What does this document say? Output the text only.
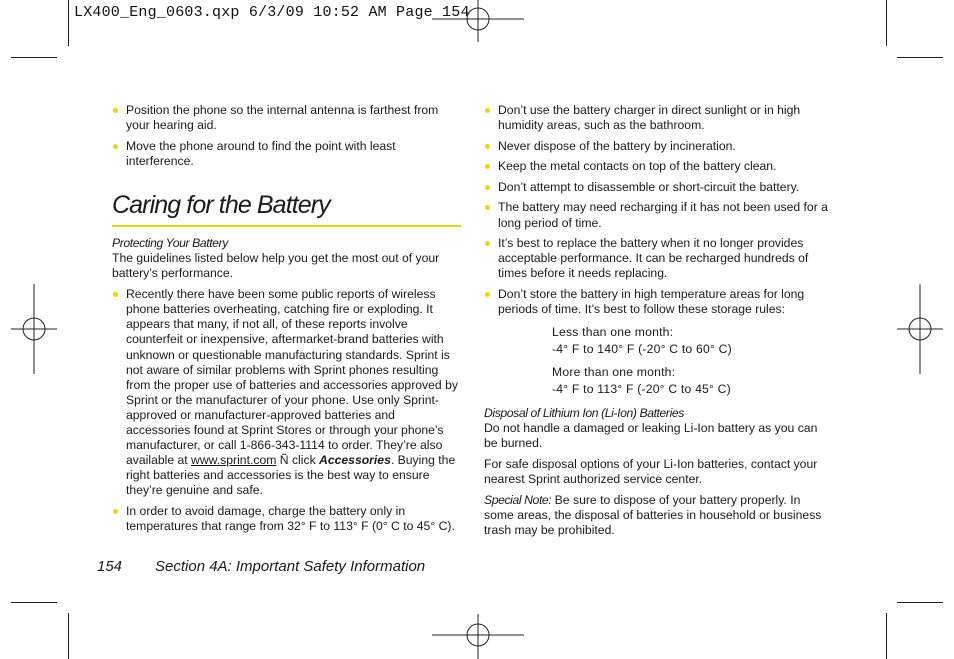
LX400_Eng_0603.qxp 6/3/09 10:52 AM Page 154
Position the phone so the internal antenna is farthest from your hearing aid.
Move the phone around to find the point with least interference.
Caring for the Battery
Protecting Your Battery

The guidelines listed below help you get the most out of your battery’s performance.

Recently there have been some public reports of wireless phone batteries overheating, catching fire or exploding. It appears that many, if not all, of these reports involve counterfeit or inexpensive, aftermarket-brand batteries with unknown or questionable manufacturing standards. Sprint is not aware of similar problems with Sprint phones resulting from the proper use of batteries and accessories approved by Sprint or the manufacturer of your phone. Use only Sprint-approved or manufacturer-approved batteries and accessories found at Sprint Stores or through your phone’s manufacturer, or call 1-866-343-1114 to order. They’re also available at www.sprint.com Ñ click Accessories. Buying the right batteries and accessories is the best way to ensure they’re genuine and safe.
In order to avoid damage, charge the battery only in temperatures that range from 32° F to 113° F (0° C to 45° C).
Don’t use the battery charger in direct sunlight or in high humidity areas, such as the bathroom.
Never dispose of the battery by incineration.
Keep the metal contacts on top of the battery clean.
Don’t attempt to disassemble or short-circuit the battery.
The battery may need recharging if it has not been used for a long period of time.
It’s best to replace the battery when it no longer provides acceptable performance. It can be recharged hundreds of times before it needs replacing.
Don’t store the battery in high temperature areas for long periods of time. It’s best to follow these storage rules:
Less than one month:
-4° F to 140° F (-20° C to 60° C)
More than one month:
-4° F to 113° F (-20° C to 45° C)
Disposal of Lithium Ion (Li-Ion) Batteries

Do not handle a damaged or leaking Li-Ion battery as you can be burned.

For safe disposal options of your Li-Ion batteries, contact your nearest Sprint authorized service center.

Special Note: Be sure to dispose of your battery properly. In some areas, the disposal of batteries in household or business trash may be prohibited.

154 Section 4A: Important Safety Information
